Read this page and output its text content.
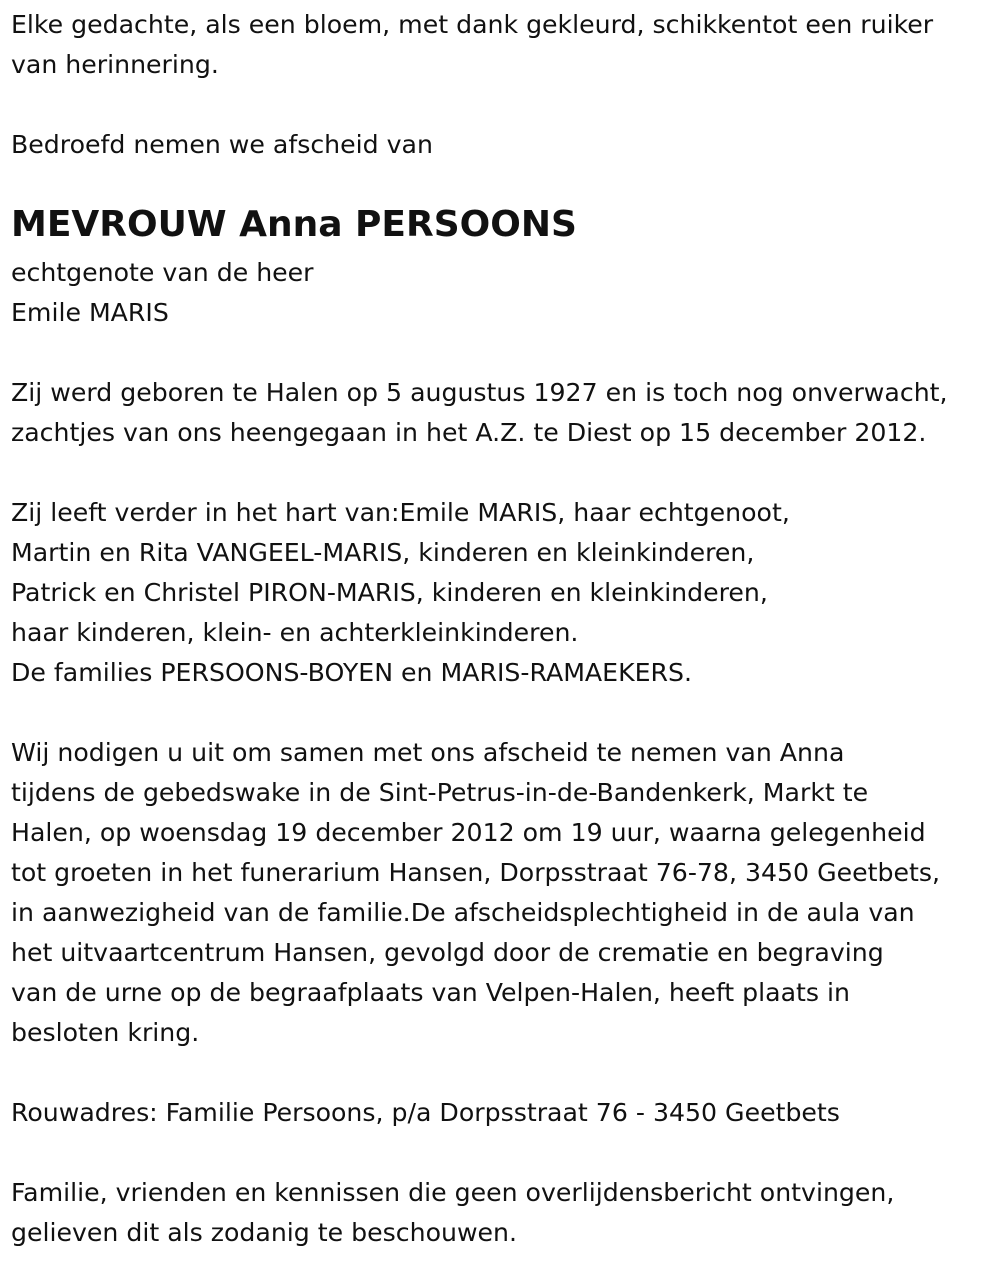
Elke gedachte, als een bloem, met dank gekleurd, schikkentot een ruiker
van herinnering.
Bedroefd nemen we afscheid van
MEVROUW Anna PERSOONS
echtgenote van de heer
Emile MARIS
Zij werd geboren te Halen op 5 augustus 1927 en is toch nog onverwacht,
zachtjes van ons heengegaan in het A.Z. te Diest op 15 december 2012.
Zij leeft verder in het hart van:Emile MARIS, haar echtgenoot,
Martin en Rita VANGEEL-MARIS, kinderen en kleinkinderen,
Patrick en Christel PIRON-MARIS, kinderen en kleinkinderen,
haar kinderen, klein- en achterkleinkinderen.
De families PERSOONS-BOYEN en MARIS-RAMAEKERS.
Wij nodigen u uit om samen met ons afscheid te nemen van Anna
tijdens de gebedswake in de Sint-Petrus-in-de-Bandenkerk, Markt te
Halen, op woensdag 19 december 2012 om 19 uur, waarna gelegenheid
tot groeten in het funerarium Hansen, Dorpsstraat 76-78, 3450 Geetbets,
in aanwezigheid van de familie.De afscheidsplechtigheid in de aula van
het uitvaartcentrum Hansen, gevolgd door de crematie en begraving
van de urne op de begraafplaats van Velpen-Halen, heeft plaats in
besloten kring.
Rouwadres: Familie Persoons, p/a Dorpsstraat 76 - 3450 Geetbets
Familie, vrienden en kennissen die geen overlijdensbericht ontvingen,
gelieven dit als zodanig te beschouwen.
